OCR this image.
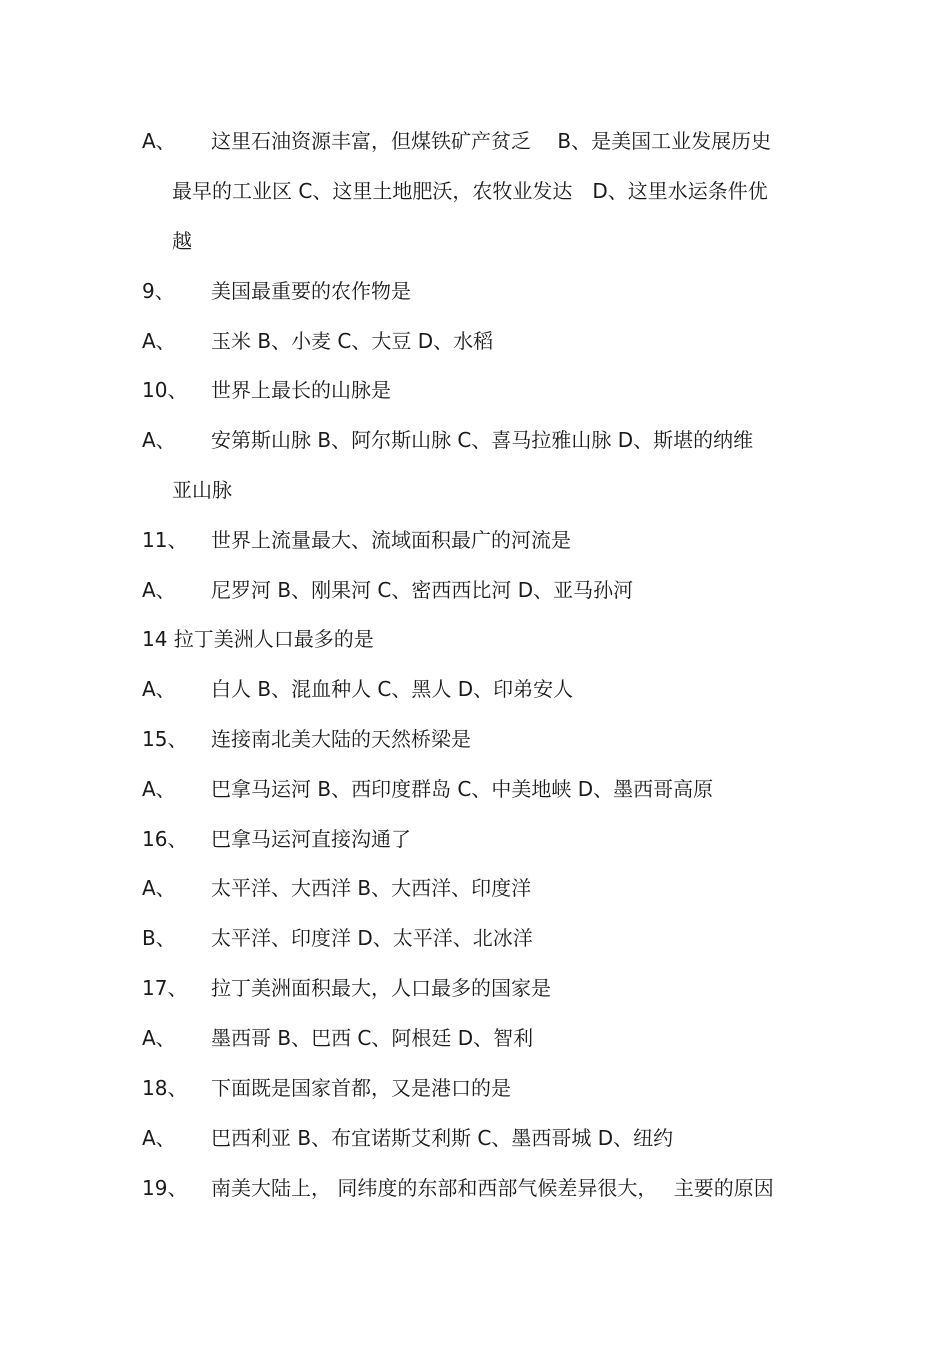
A、 这里石油资源丰富，但煤铁矿产贫乏　 B、是美国工业发展历史
最早的工业区 C、这里土地肥沃，农牧业发达　D、这里水运条件优
越
9、 美国最重要的农作物是
A、 玉米 B、小麦 C、大豆 D、水稻
10、 世界上最长的山脉是
A、 安第斯山脉 B、阿尔斯山脉 C、喜马拉雅山脉 D、斯堪的纳维
亚山脉
11、 世界上流量最大、流域面积最广的河流是
A、 尼罗河 B、刚果河 C、密西西比河 D、亚马孙河
14 拉丁美洲人口最多的是
A、 白人 B、混血种人 C、黑人 D、印弟安人
15、 连接南北美大陆的天然桥梁是
A、 巴拿马运河 B、西印度群岛 C、中美地峡 D、墨西哥高原
16、 巴拿马运河直接沟通了
A、 太平洋、大西洋 B、大西洋、印度洋
B、 太平洋、印度洋 D、太平洋、北冰洋
17、 拉丁美洲面积最大，人口最多的国家是
A、 墨西哥 B、巴西 C、阿根廷 D、智利
18、 下面既是国家首都，又是港口的是
A、 巴西利亚 B、布宜诺斯艾利斯 C、墨西哥城 D、纽约
19、 南美大陆上， 同纬度的东部和西部气候差异很大，　 主要的原因
